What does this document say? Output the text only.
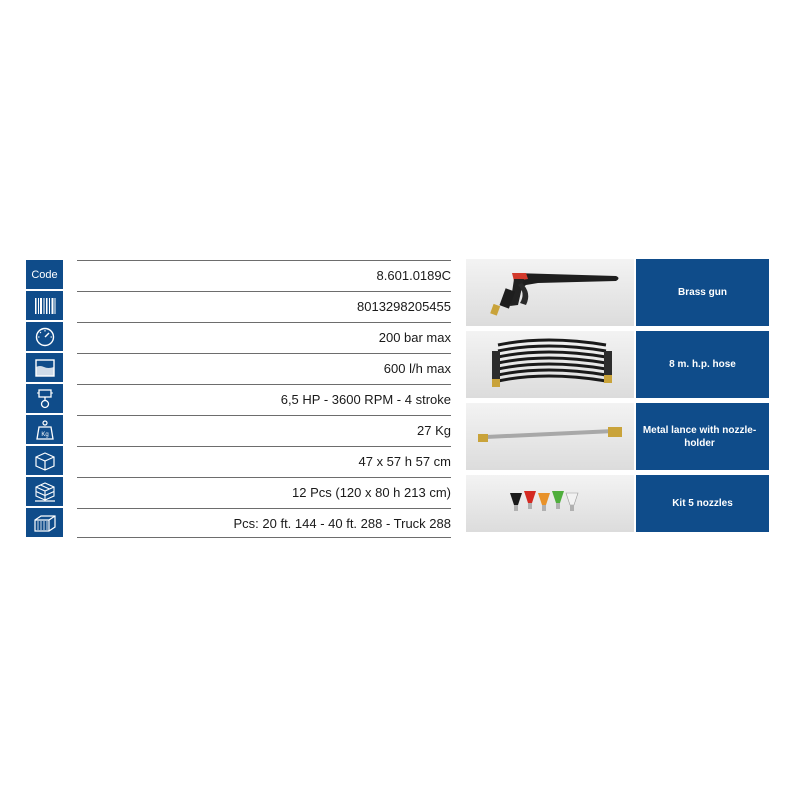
Code	8.601.0189C
8013298205455
200 bar max
600 l/h max
6,5 HP - 3600 RPM - 4 stroke
Kg	27 Kg
47 x 57 h 57 cm
12 Pcs (120 x 80 h 213 cm)
Pcs: 20 ft. 144 - 40 ft. 288 - Truck 288
Brass gun
8 m. h.p. hose
Metal lance with nozzle-holder
Kit 5 nozzles
